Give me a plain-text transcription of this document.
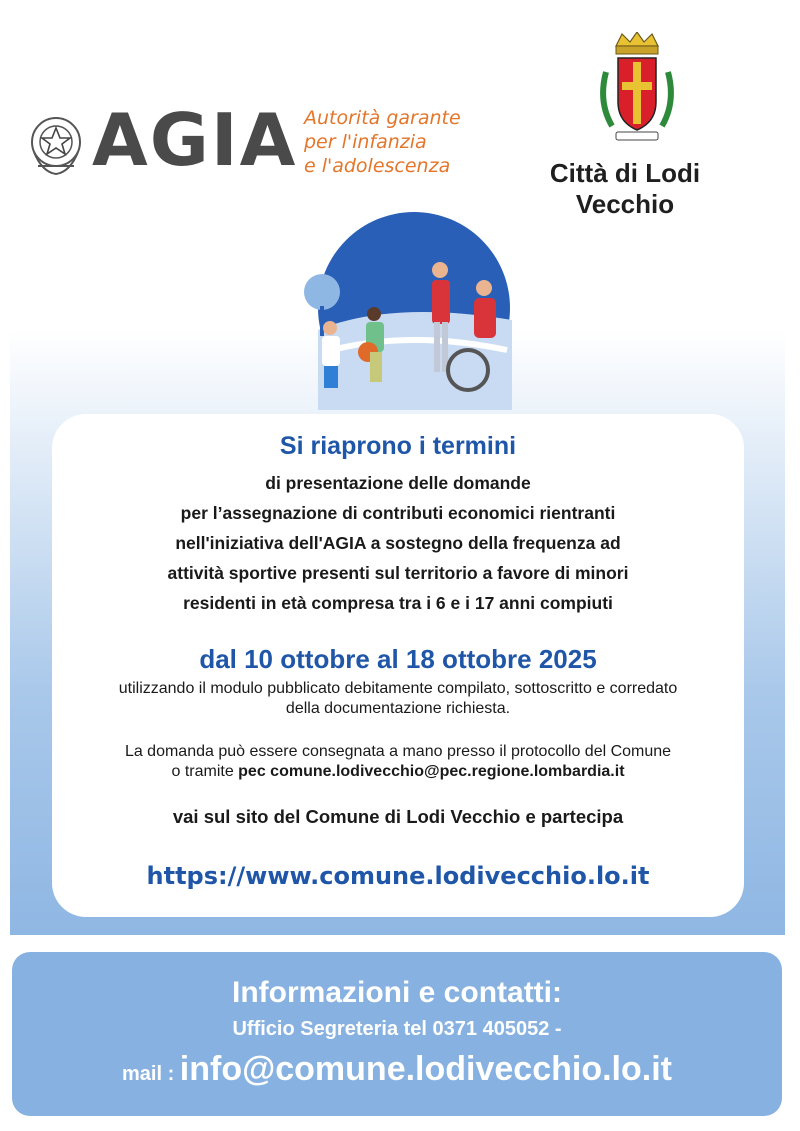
AGIA Autorità garante
per l'infanzia
e l'adolescenza	Città di Lodi Vecchio
Si riaprono i termini
di presentazione delle domande
per l’assegnazione di contributi economici rientranti
nell'iniziativa dell'AGIA a sostegno della frequenza ad
attività sportive presenti sul territorio a favore di minori
residenti in età compresa tra i 6 e i 17 anni compiuti
dal 10 ottobre al 18 ottobre 2025
utilizzando il modulo pubblicato debitamente compilato, sottoscritto e corredato
della documentazione richiesta.
La domanda può essere consegnata a mano presso il protocollo del Comune
o tramite pec comune.lodivecchio@pec.regione.lombardia.it
vai sul sito del Comune di Lodi Vecchio e partecipa
https://www.comune.lodivecchio.lo.it
Informazioni e contatti:
Ufficio Segreteria tel 0371 405052 -
mail : info@comune.lodivecchio.lo.it
